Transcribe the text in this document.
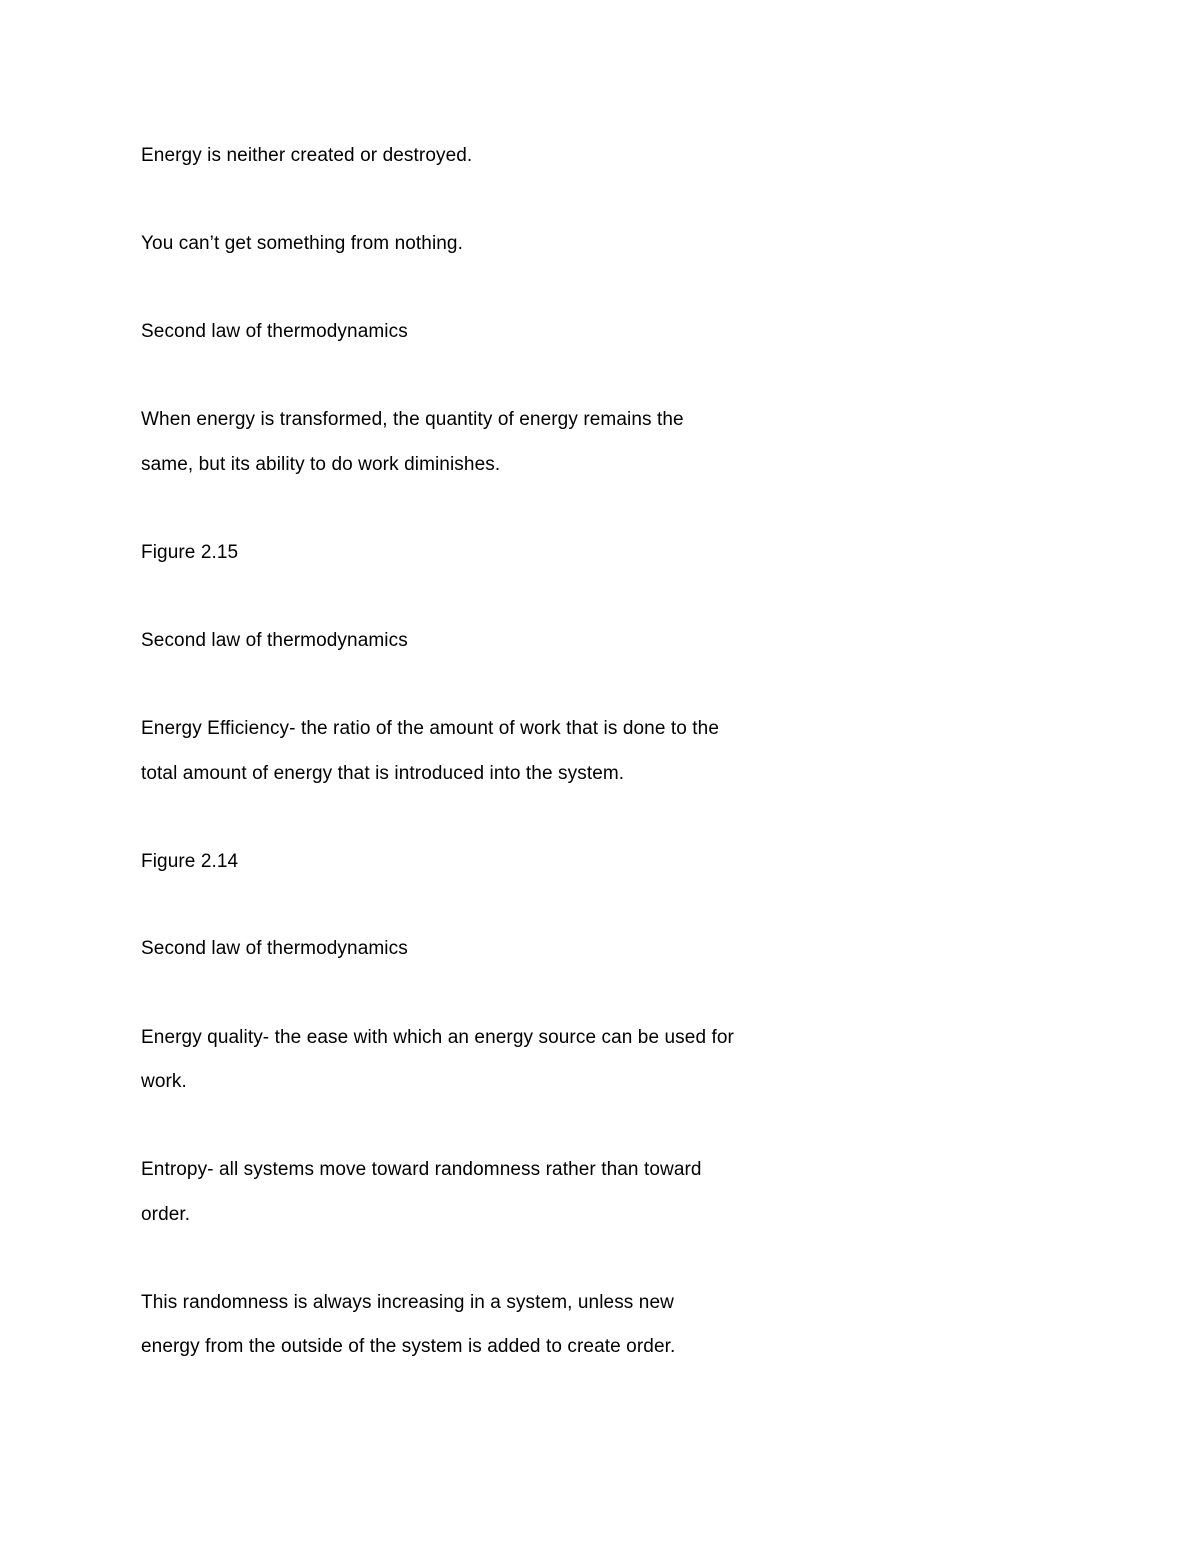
Energy is neither created or destroyed.
You can’t get something from nothing.
Second law of thermodynamics
When energy is transformed, the quantity of energy remains the
same, but its ability to do work diminishes.
Figure 2.15
Second law of thermodynamics
Energy Efficiency- the ratio of the amount of work that is done to the
total amount of energy that is introduced into the system.
Figure 2.14
Second law of thermodynamics
Energy quality- the ease with which an energy source can be used for
work.
Entropy- all systems move toward randomness rather than toward
order.
This randomness is always increasing in a system, unless new
energy from the outside of the system is added to create order.
